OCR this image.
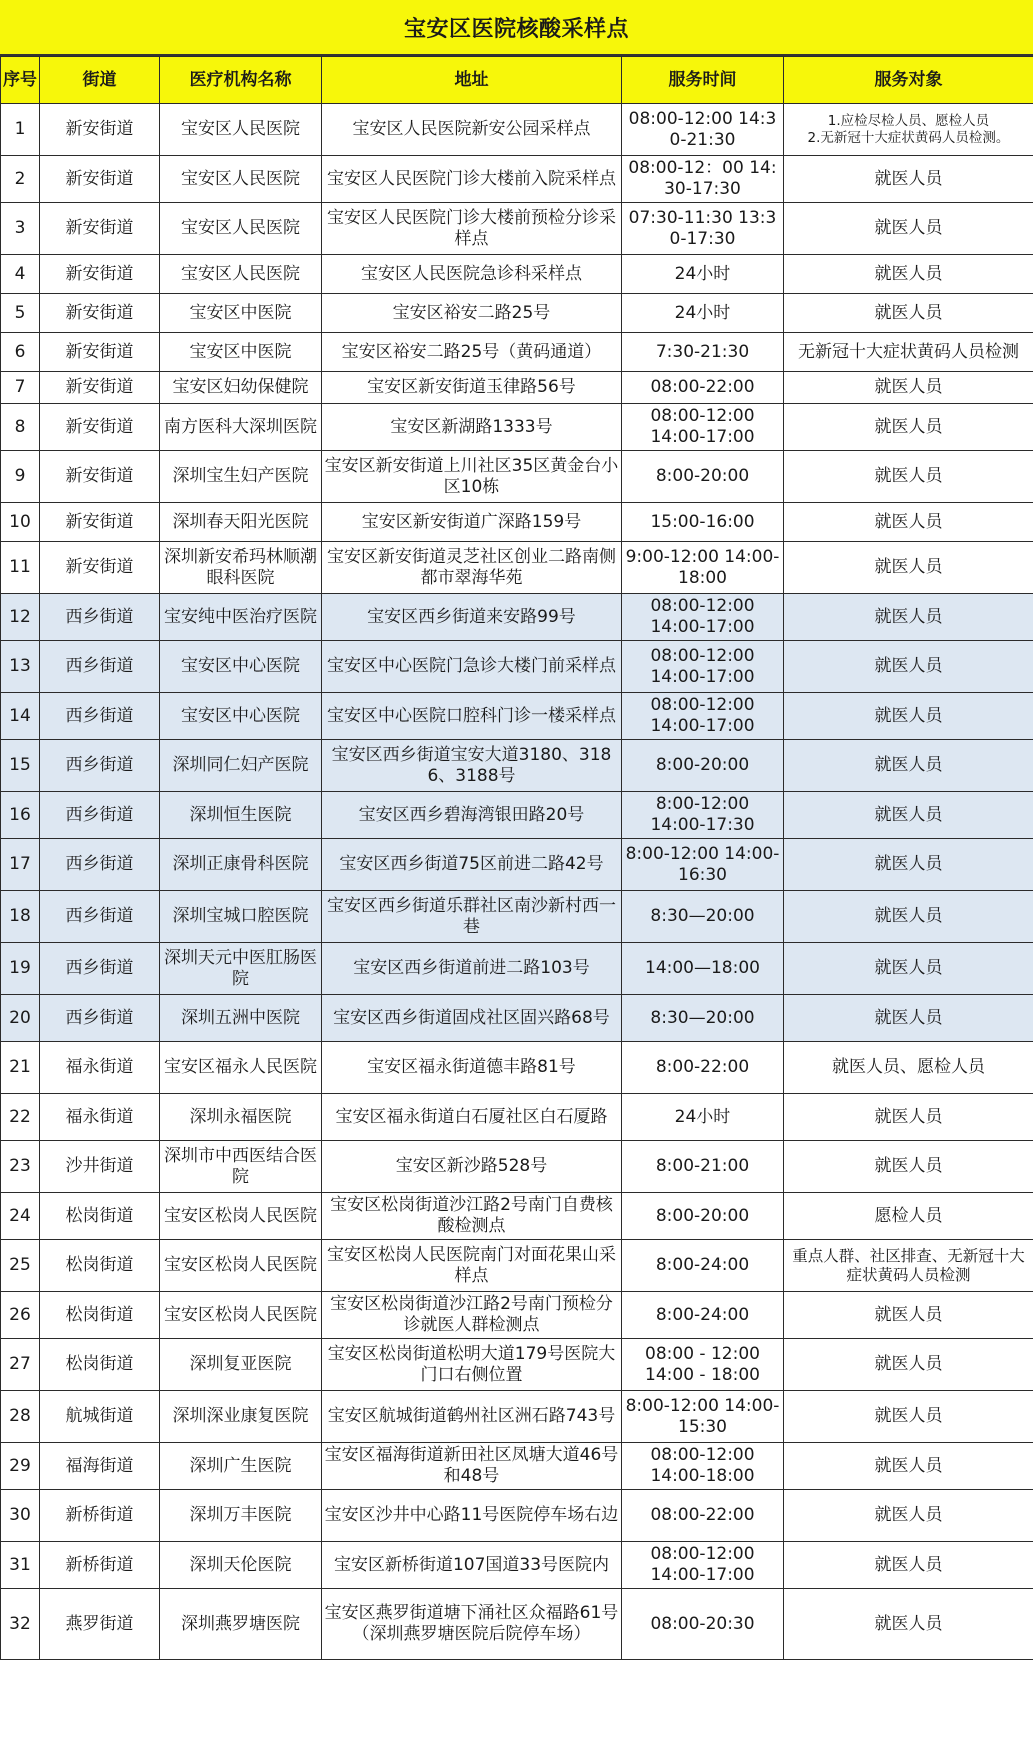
宝安区医院核酸采样点
序号	街道	医疗机构名称	地址	服务时间	服务对象
1	新安街道	宝安区人民医院	宝安区人民医院新安公园采样点	08:00-12:00 14:30-21:30	1.应检尽检人员、愿检人员
2.无新冠十大症状黄码人员检测。
2	新安街道	宝安区人民医院	宝安区人民医院门诊大楼前入院采样点	08:00-12：00 14:30-17:30	就医人员
3	新安街道	宝安区人民医院	宝安区人民医院门诊大楼前预检分诊采样点	07:30-11:30 13:30-17:30	就医人员
4	新安街道	宝安区人民医院	宝安区人民医院急诊科采样点	24小时	就医人员
5	新安街道	宝安区中医院	宝安区裕安二路25号	24小时	就医人员
6	新安街道	宝安区中医院	宝安区裕安二路25号（黄码通道）	7:30-21:30	无新冠十大症状黄码人员检测
7	新安街道	宝安区妇幼保健院	宝安区新安街道玉律路56号	08:00-22:00	就医人员
8	新安街道	南方医科大深圳医院	宝安区新湖路1333号	08:00-12:00
14:00-17:00	就医人员
9	新安街道	深圳宝生妇产医院	宝安区新安街道上川社区35区黄金台小区10栋	8:00-20:00	就医人员
10	新安街道	深圳春天阳光医院	宝安区新安街道广深路159号	15:00-16:00	就医人员
11	新安街道	深圳新安希玛林顺潮眼科医院	宝安区新安街道灵芝社区创业二路南侧都市翠海华苑	9:00-12:00 14:00-18:00	就医人员
12	西乡街道	宝安纯中医治疗医院	宝安区西乡街道来安路99号	08:00-12:00
14:00-17:00	就医人员
13	西乡街道	宝安区中心医院	宝安区中心医院门急诊大楼门前采样点	08:00-12:00
14:00-17:00	就医人员
14	西乡街道	宝安区中心医院	宝安区中心医院口腔科门诊一楼采样点	08:00-12:00
14:00-17:00	就医人员
15	西乡街道	深圳同仁妇产医院	宝安区西乡街道宝安大道3180、3186、3188号	8:00-20:00	就医人员
16	西乡街道	深圳恒生医院	宝安区西乡碧海湾银田路20号	8:00-12:00
14:00-17:30	就医人员
17	西乡街道	深圳正康骨科医院	宝安区西乡街道75区前进二路42号	8:00-12:00 14:00-16:30	就医人员
18	西乡街道	深圳宝城口腔医院	宝安区西乡街道乐群社区南沙新村西一巷	8:30—20:00	就医人员
19	西乡街道	深圳天元中医肛肠医院	宝安区西乡街道前进二路103号	14:00—18:00	就医人员
20	西乡街道	深圳五洲中医院	宝安区西乡街道固戍社区固兴路68号	8:30—20:00	就医人员
21	福永街道	宝安区福永人民医院	宝安区福永街道德丰路81号	8:00-22:00	就医人员、愿检人员
22	福永街道	深圳永福医院	宝安区福永街道白石厦社区白石厦路	24小时	就医人员
23	沙井街道	深圳市中西医结合医院	宝安区新沙路528号	8:00-21:00	就医人员
24	松岗街道	宝安区松岗人民医院	宝安区松岗街道沙江路2号南门自费核酸检测点	8:00-20:00	愿检人员
25	松岗街道	宝安区松岗人民医院	宝安区松岗人民医院南门对面花果山采样点	8:00-24:00	重点人群、社区排查、无新冠十大症状黄码人员检测
26	松岗街道	宝安区松岗人民医院	宝安区松岗街道沙江路2号南门预检分诊就医人群检测点	8:00-24:00	就医人员
27	松岗街道	深圳复亚医院	宝安区松岗街道松明大道179号医院大门口右侧位置	08:00 - 12:00
14:00 - 18:00	就医人员
28	航城街道	深圳深业康复医院	宝安区航城街道鹤州社区洲石路743号	8:00-12:00 14:00-15:30	就医人员
29	福海街道	深圳广生医院	宝安区福海街道新田社区凤塘大道46号和48号	08:00-12:00
14:00-18:00	就医人员
30	新桥街道	深圳万丰医院	宝安区沙井中心路11号医院停车场右边	08:00-22:00	就医人员
31	新桥街道	深圳天伦医院	宝安区新桥街道107国道33号医院内	08:00-12:00
14:00-17:00	就医人员
32	燕罗街道	深圳燕罗塘医院	宝安区燕罗街道塘下涌社区众福路61号（深圳燕罗塘医院后院停车场）	08:00-20:30	就医人员
